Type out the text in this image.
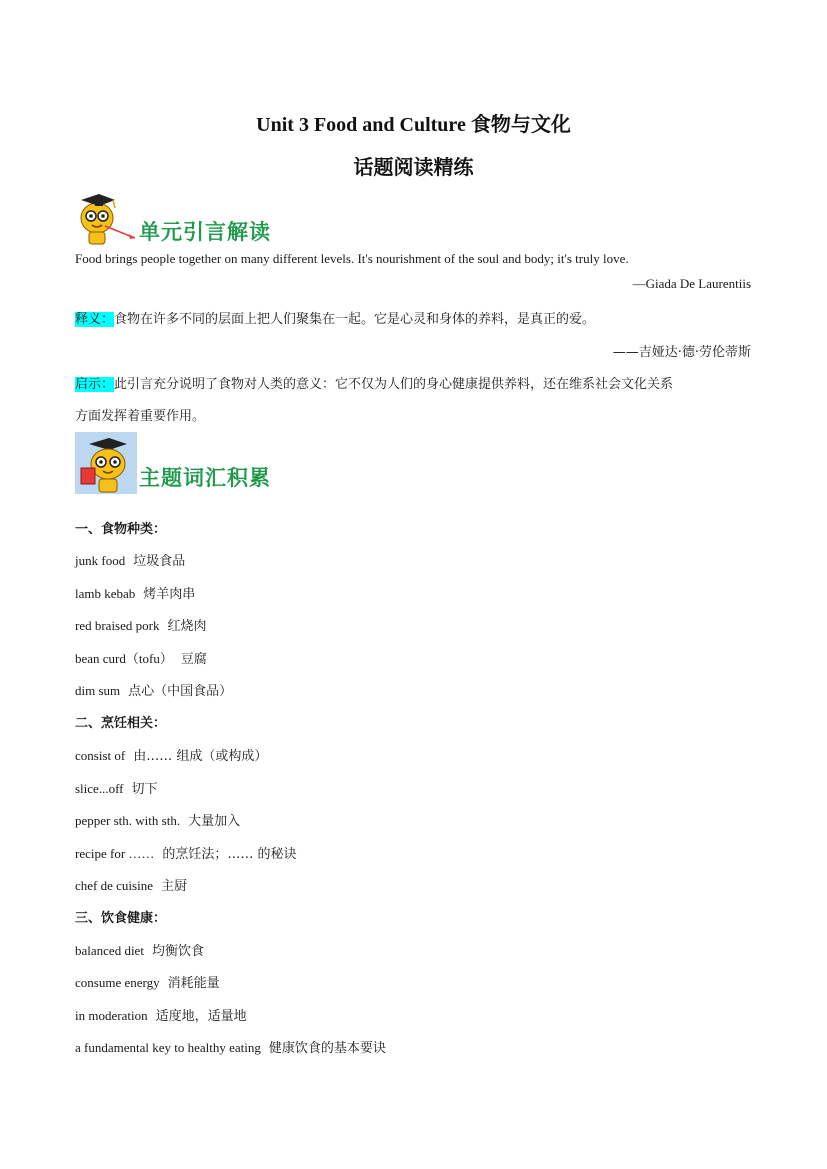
Unit 3 Food and Culture 食物与文化
话题阅读精练
单元引言解读
Food brings people together on many different levels. It's nourishment of the soul and body; it's truly love.
—Giada De Laurentiis
释义：食物在许多不同的层面上把人们聚集在一起。它是心灵和身体的养料，是真正的爱。
——吉娅达·德·劳伦蒂斯
启示：此引言充分说明了食物对人类的意义：它不仅为人们的身心健康提供养料，还在维系社会文化关系
方面发挥着重要作用。
主题词汇积累
一、食物种类：
junk food 垃圾食品
lamb kebab 烤羊肉串
red braised pork 红烧肉
bean curd（tofu） 豆腐
dim sum 点心（中国食品）
二、烹饪相关：
consist of 由…… 组成（或构成）
slice...off 切下
pepper sth. with sth. 大量加入
recipe for …… 的烹饪法；…… 的秘诀
chef de cuisine 主厨
三、饮食健康：
balanced diet 均衡饮食
consume energy 消耗能量
in moderation 适度地，适量地
a fundamental key to healthy eating 健康饮食的基本要诀
